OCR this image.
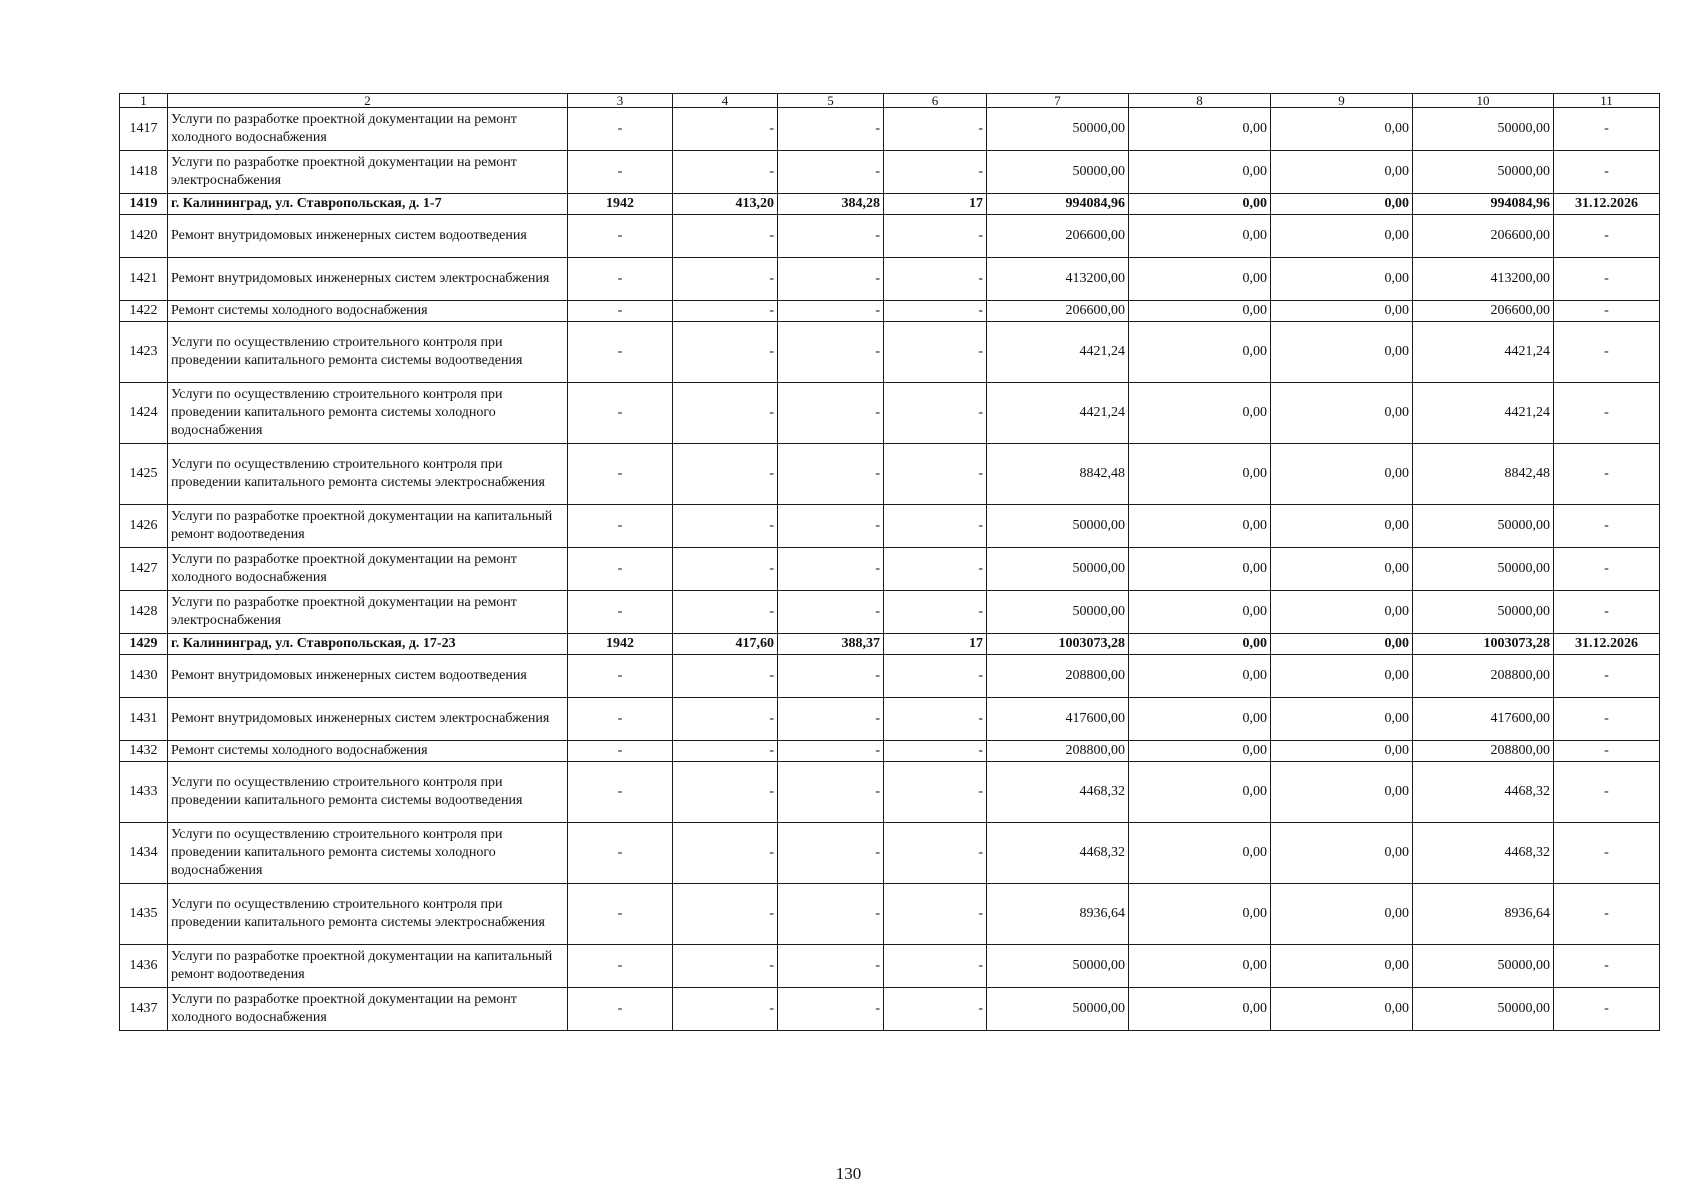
1	2	3	4	5	6	7	8	9	10	11
1417	Услуги по разработке проектной документации на ремонт холодного водоснабжения	-	-	-	-	50000,00	0,00	0,00	50000,00	-
1418	Услуги по разработке проектной документации на ремонт электроснабжения	-	-	-	-	50000,00	0,00	0,00	50000,00	-
1419	г. Калининград, ул. Ставропольская, д. 1-7	1942	413,20	384,28	17	994084,96	0,00	0,00	994084,96	31.12.2026
1420	Ремонт внутридомовых инженерных систем водоотведения	-	-	-	-	206600,00	0,00	0,00	206600,00	-
1421	Ремонт внутридомовых инженерных систем электроснабжения	-	-	-	-	413200,00	0,00	0,00	413200,00	-
1422	Ремонт системы холодного водоснабжения	-	-	-	-	206600,00	0,00	0,00	206600,00	-
1423	Услуги по осуществлению строительного контроля при проведении капитального ремонта системы водоотведения	-	-	-	-	4421,24	0,00	0,00	4421,24	-
1424	Услуги по осуществлению строительного контроля при проведении капитального ремонта системы холодного водоснабжения	-	-	-	-	4421,24	0,00	0,00	4421,24	-
1425	Услуги по осуществлению строительного контроля при проведении капитального ремонта системы электроснабжения	-	-	-	-	8842,48	0,00	0,00	8842,48	-
1426	Услуги по разработке проектной документации на капитальный ремонт водоотведения	-	-	-	-	50000,00	0,00	0,00	50000,00	-
1427	Услуги по разработке проектной документации на ремонт холодного водоснабжения	-	-	-	-	50000,00	0,00	0,00	50000,00	-
1428	Услуги по разработке проектной документации на ремонт электроснабжения	-	-	-	-	50000,00	0,00	0,00	50000,00	-
1429	г. Калининград, ул. Ставропольская, д. 17-23	1942	417,60	388,37	17	1003073,28	0,00	0,00	1003073,28	31.12.2026
1430	Ремонт внутридомовых инженерных систем водоотведения	-	-	-	-	208800,00	0,00	0,00	208800,00	-
1431	Ремонт внутридомовых инженерных систем электроснабжения	-	-	-	-	417600,00	0,00	0,00	417600,00	-
1432	Ремонт системы холодного водоснабжения	-	-	-	-	208800,00	0,00	0,00	208800,00	-
1433	Услуги по осуществлению строительного контроля при проведении капитального ремонта системы водоотведения	-	-	-	-	4468,32	0,00	0,00	4468,32	-
1434	Услуги по осуществлению строительного контроля при проведении капитального ремонта системы холодного водоснабжения	-	-	-	-	4468,32	0,00	0,00	4468,32	-
1435	Услуги по осуществлению строительного контроля при проведении капитального ремонта системы электроснабжения	-	-	-	-	8936,64	0,00	0,00	8936,64	-
1436	Услуги по разработке проектной документации на капитальный ремонт водоотведения	-	-	-	-	50000,00	0,00	0,00	50000,00	-
1437	Услуги по разработке проектной документации на ремонт холодного водоснабжения	-	-	-	-	50000,00	0,00	0,00	50000,00	-
130
